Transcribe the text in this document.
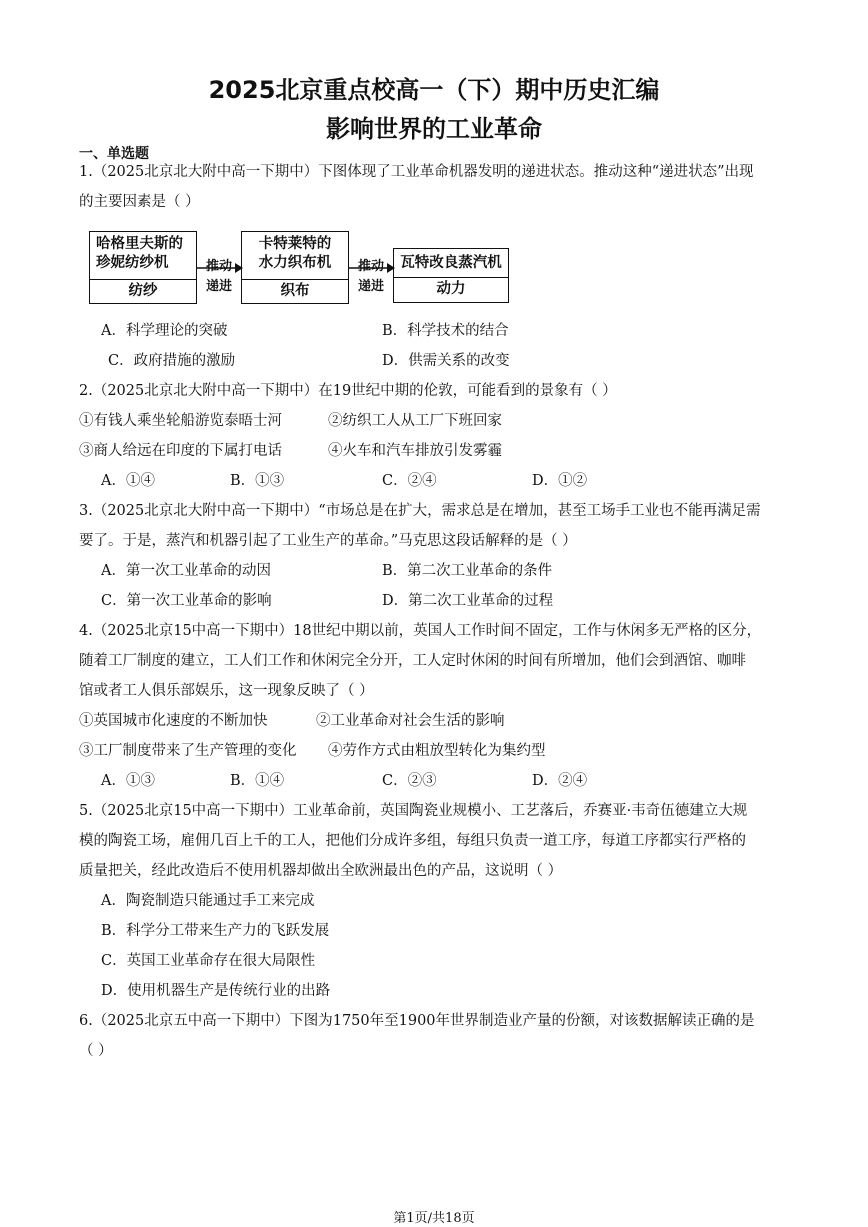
2025北京重点校高一（下）期中历史汇编
影响世界的工业革命
一、单选题
1.（2025北京北大附中高一下期中）下图体现了工业革命机器发明的递进状态。推动这种“递进状态”出现
的主要因素是（ ）
哈格里夫斯的
珍妮纺纱机
纺纱
卡特莱特的
水力织布机
织布
瓦特改良蒸汽机
动力
推动
递进
推动
递进
A．科学理论的突破	B．科学技术的结合
C．政府措施的激励	D．供需关系的改变
2.（2025北京北大附中高一下期中）在19世纪中期的伦敦，可能看到的景象有（ ）
①有钱人乘坐轮船游览泰晤士河	②纺织工人从工厂下班回家
③商人给远在印度的下属打电话	④火车和汽车排放引发雾霾
A．①④	B．①③	C．②④	D．①②
3.（2025北京北大附中高一下期中）“市场总是在扩大，需求总是在增加，甚至工场手工业也不能再满足需
要了。于是，蒸汽和机器引起了工业生产的革命。”马克思这段话解释的是（ ）
A．第一次工业革命的动因	B．第二次工业革命的条件
C．第一次工业革命的影响	D．第二次工业革命的过程
4.（2025北京15中高一下期中）18世纪中期以前，英国人工作时间不固定，工作与休闲多无严格的区分，
随着工厂制度的建立，工人们工作和休闲完全分开，工人定时休闲的时间有所增加，他们会到酒馆、咖啡
馆或者工人俱乐部娱乐，这一现象反映了（ ）
①英国城市化速度的不断加快	②工业革命对社会生活的影响
③工厂制度带来了生产管理的变化 ④劳作方式由粗放型转化为集约型
A．①③	B．①④	C．②③	D．②④
5.（2025北京15中高一下期中）工业革命前，英国陶瓷业规模小、工艺落后，乔赛亚·韦奇伍德建立大规
模的陶瓷工场，雇佣几百上千的工人，把他们分成许多组，每组只负责一道工序，每道工序都实行严格的
质量把关，经此改造后不使用机器却做出全欧洲最出色的产品，这说明（ ）
A．陶瓷制造只能通过手工来完成
B．科学分工带来生产力的飞跃发展
C．英国工业革命存在很大局限性
D．使用机器生产是传统行业的出路
6.（2025北京五中高一下期中）下图为1750年至1900年世界制造业产量的份额，对该数据解读正确的是
（ ）
第1页/共18页
